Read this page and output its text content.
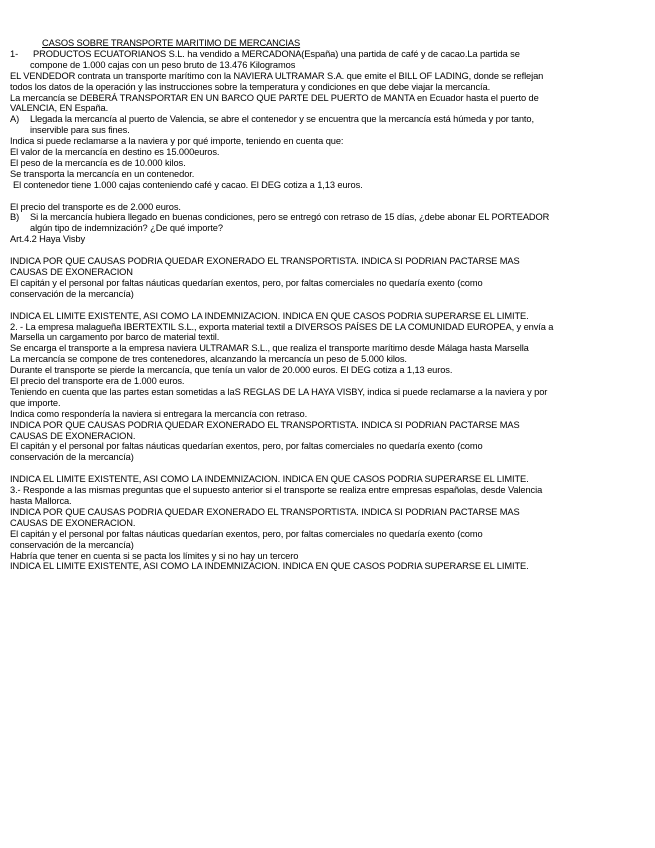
CASOS SOBRE TRANSPORTE MARITIMO DE MERCANCIAS
1- PRODUCTOS ECUATORIANOS S.L. ha vendido a MERCADONA(España) una partida de café y de cacao.La partida se
compone de 1.000 cajas con un peso bruto de 13.476 Kilogramos
EL VENDEDOR contrata un transporte marítimo con la NAVIERA ULTRAMAR S.A. que emite el BILL OF LADING, donde se reflejan
todos los datos de la operación y las instrucciones sobre la temperatura y condiciones en que debe viajar la mercancía.
La mercancía se DEBERÁ TRANSPORTAR EN UN BARCO QUE PARTE DEL PUERTO de MANTA en Ecuador hasta el puerto de
VALENCIA, EN España.
A) Llegada la mercancía al puerto de Valencia, se abre el contenedor y se encuentra que la mercancía está húmeda y por tanto,
inservible para sus fines.
Indica si puede reclamarse a la naviera y por qué importe, teniendo en cuenta que:
El valor de la mercancía en destino es 15.000euros.
El peso de la mercancía es de 10.000 kilos.
Se transporta la mercancía en un contenedor.
El contenedor tiene 1.000 cajas conteniendo café y cacao. El DEG cotiza a 1,13 euros.
El precio del transporte es de 2.000 euros.
B) Si la mercancía hubiera llegado en buenas condiciones, pero se entregó con retraso de 15 días, ¿debe abonar EL PORTEADOR
algún tipo de indemnización? ¿De qué importe?
Art.4.2 Haya Visby
INDICA POR QUE CAUSAS PODRIA QUEDAR EXONERADO EL TRANSPORTISTA. INDICA SI PODRIAN PACTARSE MAS
CAUSAS DE EXONERACION
El capitán y el personal por faltas náuticas quedarían exentos, pero, por faltas comerciales no quedaría exento (como
conservación de la mercancía)
INDICA EL LIMITE EXISTENTE, ASI COMO LA INDEMNIZACION. INDICA EN QUE CASOS PODRIA SUPERARSE EL LIMITE.
2. - La empresa malagueña IBERTEXTIL S.L., exporta material textil a DIVERSOS PAÍSES DE LA COMUNIDAD EUROPEA, y envía a
Marsella un cargamento por barco de material textil.
Se encarga el transporte a la empresa naviera ULTRAMAR S.L., que realiza el transporte marítimo desde Málaga hasta Marsella
La mercancía se compone de tres contenedores, alcanzando la mercancía un peso de 5.000 kilos.
Durante el transporte se pierde la mercancía, que tenía un valor de 20.000 euros. El DEG cotiza a 1,13 euros.
El precio del transporte era de 1.000 euros.
Teniendo en cuenta que las partes estan sometidas a laS REGLAS DE LA HAYA VISBY, indica si puede reclamarse a la naviera y por
que importe.
Indica como respondería la naviera si entregara la mercancía con retraso.
INDICA POR QUE CAUSAS PODRIA QUEDAR EXONERADO EL TRANSPORTISTA. INDICA SI PODRIAN PACTARSE MAS
CAUSAS DE EXONERACION.
El capitán y el personal por faltas náuticas quedarían exentos, pero, por faltas comerciales no quedaría exento (como
conservación de la mercancía)
INDICA EL LIMITE EXISTENTE, ASI COMO LA INDEMNIZACION. INDICA EN QUE CASOS PODRIA SUPERARSE EL LIMITE.
3.- Responde a las mismas preguntas que el supuesto anterior si el transporte se realiza entre empresas españolas, desde Valencia
hasta Mallorca.
INDICA POR QUE CAUSAS PODRIA QUEDAR EXONERADO EL TRANSPORTISTA. INDICA SI PODRIAN PACTARSE MAS
CAUSAS DE EXONERACION.
El capitán y el personal por faltas náuticas quedarían exentos, pero, por faltas comerciales no quedaría exento (como
conservación de la mercancía)
Habría que tener en cuenta si se pacta los límites y si no hay un tercero
INDICA EL LIMITE EXISTENTE, ASI COMO LA INDEMNIZACION. INDICA EN QUE CASOS PODRIA SUPERARSE EL LIMITE.
